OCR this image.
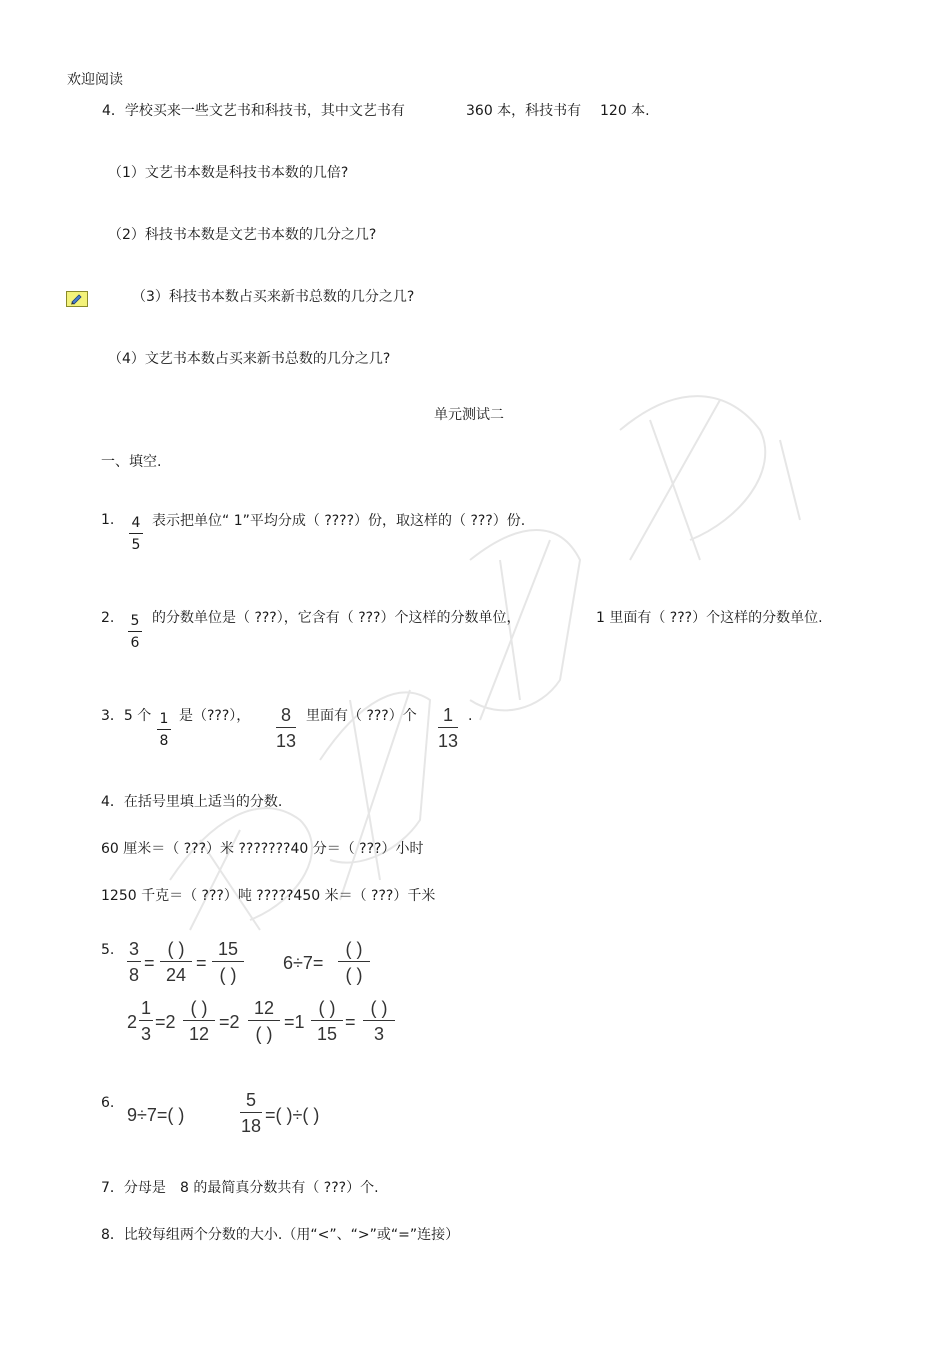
欢迎阅读
4．学校买来一些文艺书和科技书，其中文艺书有	360 本，科技书有 120 本.
（1）文艺书本数是科技书本数的几倍?
（2）科技书本数是文艺书本数的几分之几?
（3）科技书本数占买来新书总数的几分之几?
（4）文艺书本数占买来新书总数的几分之几?
单元测试二
一、填空.
1. 4
5
表示把单位“ 1”平均分成（ ????）份，取这样的（ ???）份.
2. 5
6
的分数单位是（ ???），它含有（ ???）个这样的分数单位，	1 里面有（ ???）个这样的分数单位.
3．5 个 1
8
是（???）， 8
13
里面有（ ???）个 1
13
.
4．在括号里填上适当的分数.
60 厘米＝（ ???）米 ???????40 分＝（ ???）小时
1250 千克＝（ ???）吨 ?????450 米＝（ ???）千米
5. 3
8
=
( )
24
=
15
( )
6÷7=
( )
( )
2
1
3
=2
( )
12
=2
12
( )
=1
( )
15
=
( )
3
6.
9÷7=( )
5
18
=( )÷( )
7．分母是 8 的最简真分数共有（ ???）个.
8．比较每组两个分数的大小.（用“<”、“>”或“=”连接）
